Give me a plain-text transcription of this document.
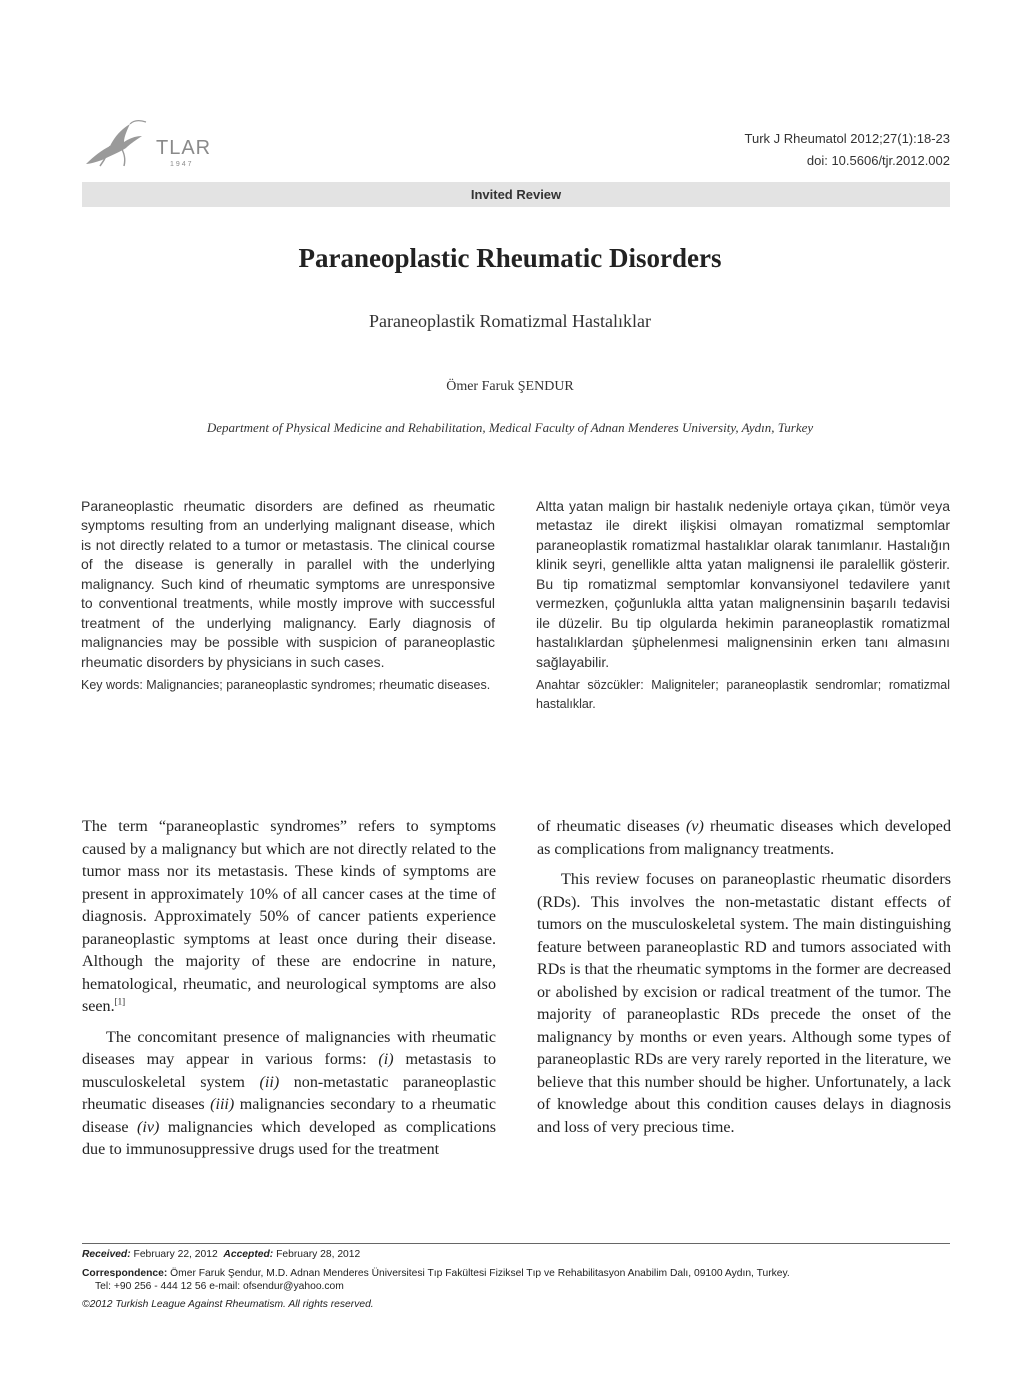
TLAR
1947
Turk J Rheumatol 2012;27(1):18-23
doi: 10.5606/tjr.2012.002
Invited Review
Paraneoplastic Rheumatic Disorders
Paraneoplastik Romatizmal Hastalıklar
Ömer Faruk ŞENDUR
Department of Physical Medicine and Rehabilitation, Medical Faculty of Adnan Menderes University, Aydın, Turkey

Paraneoplastic rheumatic disorders are defined as rheumatic symptoms resulting from an underlying malignant disease, which is not directly related to a tumor or metastasis. The clinical course of the disease is generally in parallel with the underlying malignancy. Such kind of rheumatic symptoms are unresponsive to conventional treatments, while mostly improve with successful treatment of the underlying malignancy. Early diagnosis of malignancies may be possible with suspicion of paraneoplastic rheumatic disorders by physicians in such cases.

Key words: Malignancies; paraneoplastic syndromes; rheumatic diseases.

Altta yatan malign bir hastalık nedeniyle ortaya çıkan, tümör veya metastaz ile direkt ilişkisi olmayan romatizmal semptomlar paraneoplastik romatizmal hastalıklar olarak tanımlanır. Hastalığın klinik seyri, genellikle altta yatan malignensi ile paralellik gösterir. Bu tip romatizmal semptomlar konvansiyonel tedavilere yanıt vermezken, çoğunlukla altta yatan malignensinin başarılı tedavisi ile düzelir. Bu tip olgularda hekimin paraneoplastik romatizmal hastalıklardan şüphelenmesi malignensinin erken tanı almasını sağlayabilir.

Anahtar sözcükler: Maligniteler; paraneoplastik sendromlar; romatizmal hastalıklar.

The term “paraneoplastic syndromes” refers to symptoms caused by a malignancy but which are not directly related to the tumor mass nor its metastasis. These kinds of symptoms are present in approximately 10% of all cancer cases at the time of diagnosis. Approximately 50% of cancer patients experience paraneoplastic symptoms at least once during their disease. Although the majority of these are endocrine in nature, hematological, rheumatic, and neurological symptoms are also seen.[1]

The concomitant presence of malignancies with rheumatic diseases may appear in various forms: (i) metastasis to musculoskeletal system (ii) non-metastatic paraneoplastic rheumatic diseases (iii) malignancies secondary to a rheumatic disease (iv) malignancies which developed as complications due to immunosuppressive drugs used for the treatment

of rheumatic diseases (v) rheumatic diseases which developed as complications from malignancy treatments.

This review focuses on paraneoplastic rheumatic disorders (RDs). This involves the non-metastatic distant effects of tumors on the musculoskeletal system. The main distinguishing feature between paraneoplastic RD and tumors associated with RDs is that the rheumatic symptoms in the former are decreased or abolished by excision or radical treatment of the tumor. The majority of paraneoplastic RDs precede the onset of the malignancy by months or even years. Although some types of paraneoplastic RDs are very rarely reported in the literature, we believe that this number should be higher. Unfortunately, a lack of knowledge about this condition causes delays in diagnosis and loss of very precious time.

Received: February 22, 2012 Accepted: February 28, 2012
Correspondence: Ömer Faruk Şendur, M.D. Adnan Menderes Üniversitesi Tıp Fakültesi Fiziksel Tıp ve Rehabilitasyon Anabilim Dalı, 09100 Aydın, Turkey.
Tel: +90 256 - 444 12 56 e-mail: ofsendur@yahoo.com
©2012 Turkish League Against Rheumatism. All rights reserved.
